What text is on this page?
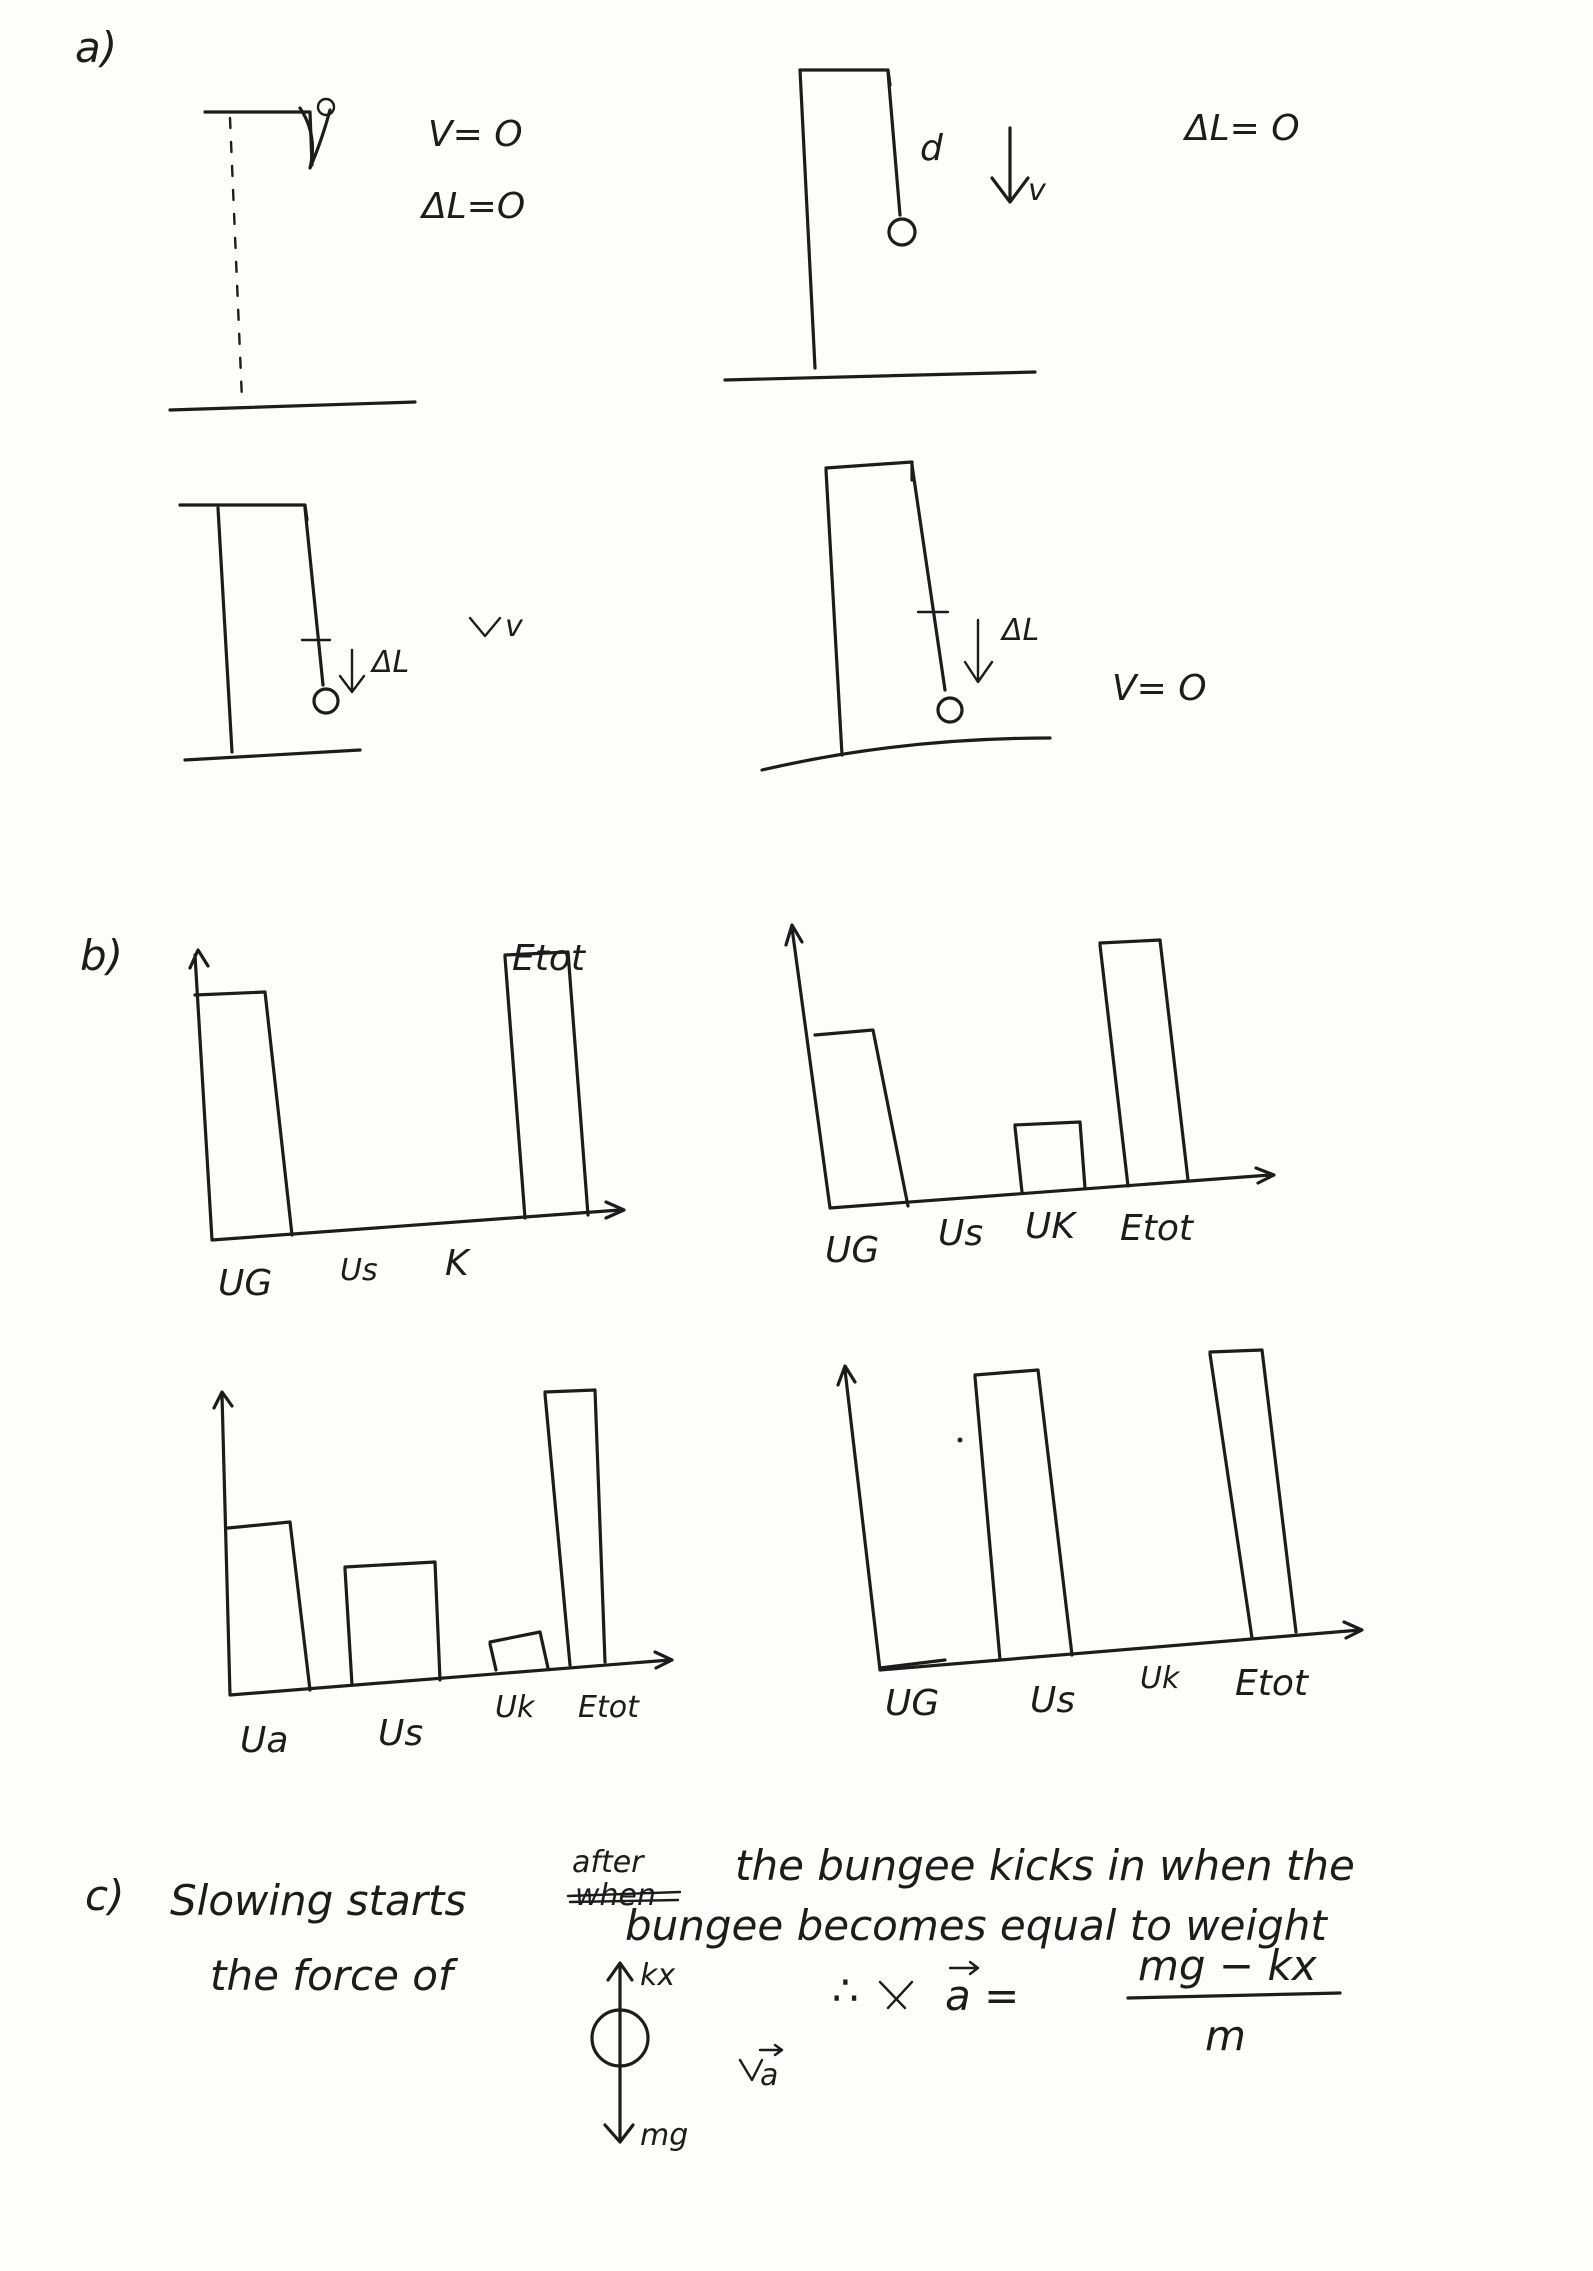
a)
V= O
ΔL=O
d
v
ΔL= O
ΔL
v	ΔL
V= O
b)	Etot
UG Us K	UG Us UK Etot
Ua Us
Uk Etot	UG	Us
Uk Etot
c) Slowing starts
after
when
the bungee kicks in when the
the force of
bungee becomes equal to weight
kx
mg
a
∴ a =
mg − kx
m
